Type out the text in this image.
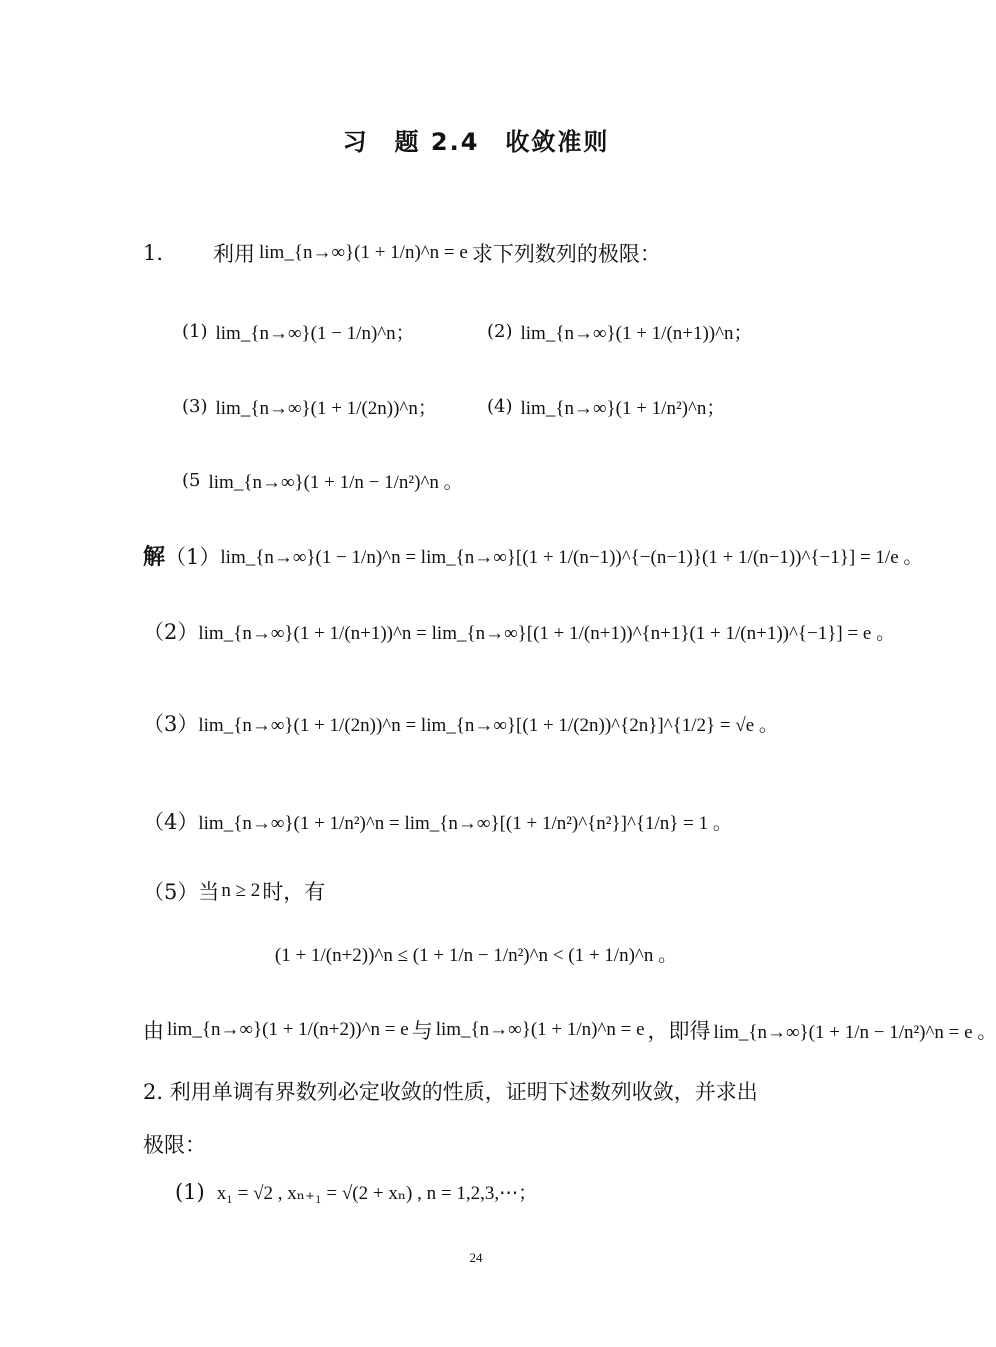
习　题 2.4　收敛准则
1.	利用 lim_{n→∞}(1 + 1/n)^n = e 求下列数列的极限：
(1) lim_{n→∞}(1 − 1/n)^n；	(2) lim_{n→∞}(1 + 1/(n+1))^n；
(3) lim_{n→∞}(1 + 1/(2n))^n；	(4) lim_{n→∞}(1 + 1/n²)^n；
(5 lim_{n→∞}(1 + 1/n − 1/n²)^n 。
解 （1） lim_{n→∞}(1 − 1/n)^n = lim_{n→∞}[(1 + 1/(n−1))^{−(n−1)}(1 + 1/(n−1))^{−1}] = 1/e 。
（2） lim_{n→∞}(1 + 1/(n+1))^n = lim_{n→∞}[(1 + 1/(n+1))^{n+1}(1 + 1/(n+1))^{−1}] = e 。
（3） lim_{n→∞}(1 + 1/(2n))^n = lim_{n→∞}[(1 + 1/(2n))^{2n}]^{1/2} = √e 。
（4） lim_{n→∞}(1 + 1/n²)^n = lim_{n→∞}[(1 + 1/n²)^{n²}]^{1/n} = 1 。
（5） 当 n ≥ 2 时，有
(1 + 1/(n+2))^n ≤ (1 + 1/n − 1/n²)^n < (1 + 1/n)^n 。
由 lim_{n→∞}(1 + 1/(n+2))^n = e 与 lim_{n→∞}(1 + 1/n)^n = e ，即得 lim_{n→∞}(1 + 1/n − 1/n²)^n = e 。
2. 利用单调有界数列必定收敛的性质，证明下述数列收敛，并求出
极限：
(1) x₁ = √2 , xₙ₊₁ = √(2 + xₙ) , n = 1,2,3,⋯；
24
